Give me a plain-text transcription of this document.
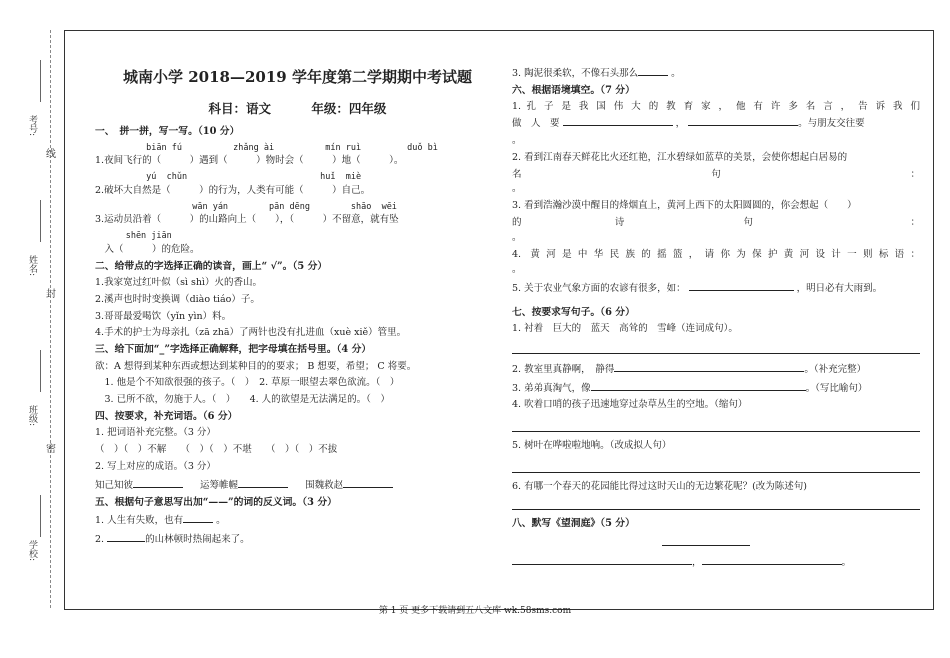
考号:
姓名:
班级:
学校:
线
封
密
城南小学 2018—2019 学年度第二学期期中考试题
科目：语文	年级：四年级
一、　拼一拼，写一写。（10 分）
biān fú          zhǎng ài          mín ruì         duǒ bì
1.夜间飞行的（　　　）遇到（　　　）物时会（　　　）地（　　　）。
yú  chǔn                          huǐ  miè
2.破坏大自然是（　　　）的行为，人类有可能（　　　）自己。
wān yán        pān dēng        shāo  wēi
3.运动员沿着（　　　）的山路向上（　　），（　　　）不留意，就有坠
shēn jiān
　入（　　　）的危险。
二、给带点的字选择正确的读音，画上“ √”。（5 分）
1.我家宽过红叶似（sì shì）火的香山。
2.溪声也时时变换调（diào tiáo）子。
3.哥哥最爱喝饮（yǐn yìn）料。
4.手术的护士为母亲扎（zā zhā）了两针也没有扎进血（xuè xiě）管里。
三、给下面加“_”字选择正确解释，把字母填在括号里。（4 分）
欲：A 想得到某种东西或想达到某种目的的要求； B 想要，希望； C 将要。
　1. 他是个不知欲很强的孩子。（　）　2. 草原一眼望去翠色欲流。（　）
　3. 已所不欲，勿施于人。（　）　　4. 人的欲望是无法满足的。（　）
四、按要求，补充词语。（6 分）
1. 把词语补充完整。（3 分）
（　）（　）不解　　（　）（　）不堪　　（　）（　）不拔
2. 写上对应的成语。（3 分）
知己知彼	运筹帷幄	围魏救赵
五、根据句子意思写出加“——”的词的反义词。（3 分）
1. 人生有失败，也有	。
2.	的山林顿时热闹起来了。
3. 陶泥很柔软，不像石头那么	。
六、根据语境填空。（7 分）
1. 孔 子 是 我 国 伟 大 的 教 育 家 ， 他 有 许 多 名 言 ， 告 诉 我 们
做　人　要	，	。与朋友交往要
。
2. 看到江南春天鲜花比火还红艳，江水碧绿如蓝草的美景，会使你想起白居易的
名　　　　　　　　　　　　　　　　句　　　　　　　　　　　　　　　　：
。
3. 看到浩瀚沙漠中醒目的烽烟直上，黄河上西下的太阳圆圆的，你会想起（　　）
的　　　　　　　诗　　　　　　　　　句　　　　　　　　　　　　：
。
4. 黄河是中华民族的摇篮，请你为保护黄河设计一则标语：
。
5. 关于农业气象方面的农谚有很多，如：	，明日必有大雨到。
七、按要求写句子。（6 分）
1. 衬着　巨大的　蓝天　高耸的　雪峰（连词成句）。
2. 教室里真静啊，　静得	。（补充完整）
3. 弟弟真淘气，像	。（写比喻句）
4. 吹着口哨的孩子迅速地穿过杂草丛生的空地。（缩句）
5. 树叶在哗啦啦地响。（改成拟人句）
6. 有哪一个春天的花园能比得过这时天山的无边繁花呢？(改为陈述句)
八、默写《望洞庭》（5 分）
，	。
第 1 页 更多下载请到五八文库 wk.58sms.com
